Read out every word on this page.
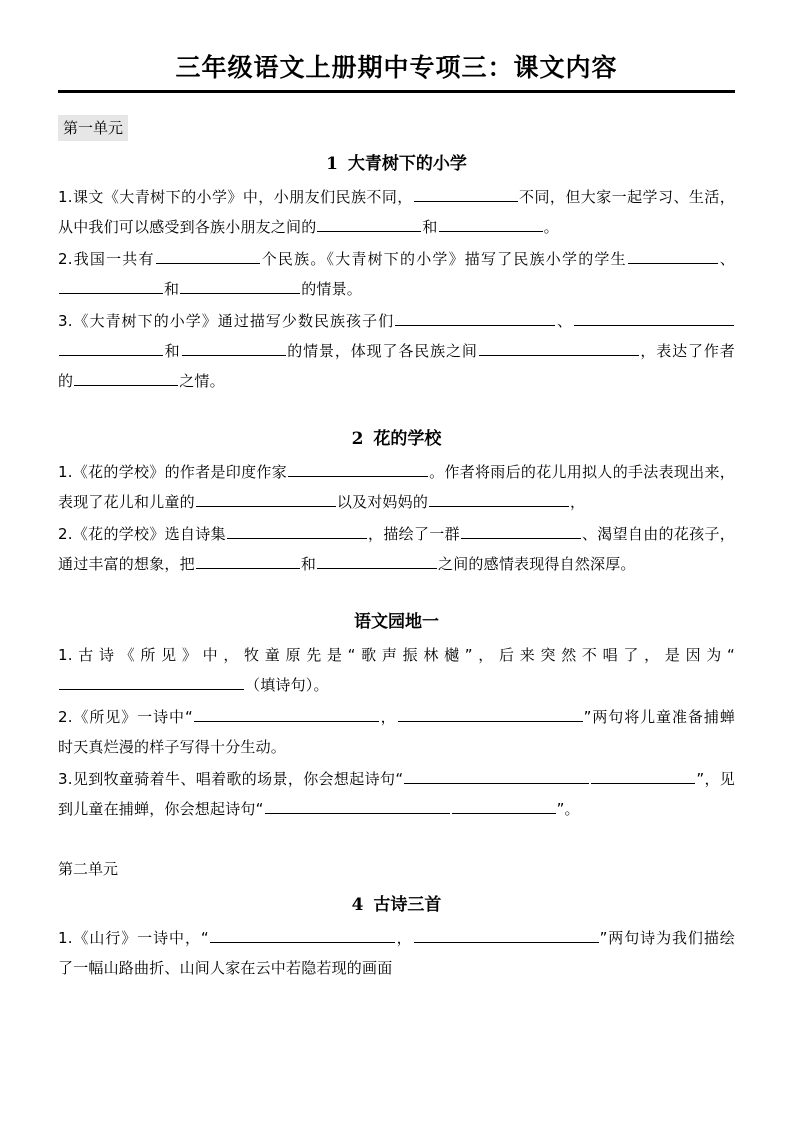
三年级语文上册期中专项三：课文内容
第一单元
1 大青树下的小学
1.课文《大青树下的小学》中，小朋友们民族不同，	不同，但大家一起学习、生活，从中我们可以感受到各族小朋友之间的	和	。
2.我国一共有	个民族。《大青树下的小学》描写了民族小学的学生	、和	的情景。
3.《大青树下的小学》通过描写少数民族孩子们	、和	的情景，体现了各民族之间	，表达了作者的	之情。
2 花的学校
1.《花的学校》的作者是印度作家	。作者将雨后的花儿用拟人的手法表现出来，表现了花儿和儿童的	以及对妈妈的	，
2.《花的学校》选自诗集	，描绘了一群	、渴望自由的花孩子，通过丰富的想象，把	和	之间的感情表现得自然深厚。
语文园地一
1.古诗《所见》中，牧童原先是“歌声振林樾”，后来突然不唱了，是因为“（填诗句）。
2.《所见》一诗中“	，	”两句将儿童准备捕蝉时天真烂漫的样子写得十分生动。
3.见到牧童骑着牛、唱着歌的场景，你会想起诗句“	”，见到儿童在捕蝉，你会想起诗句“	”。
第二单元
4 古诗三首
1.《山行》一诗中，“	，	”两句诗为我们描绘了一幅山路曲折、山间人家在云中若隐若现的画面
